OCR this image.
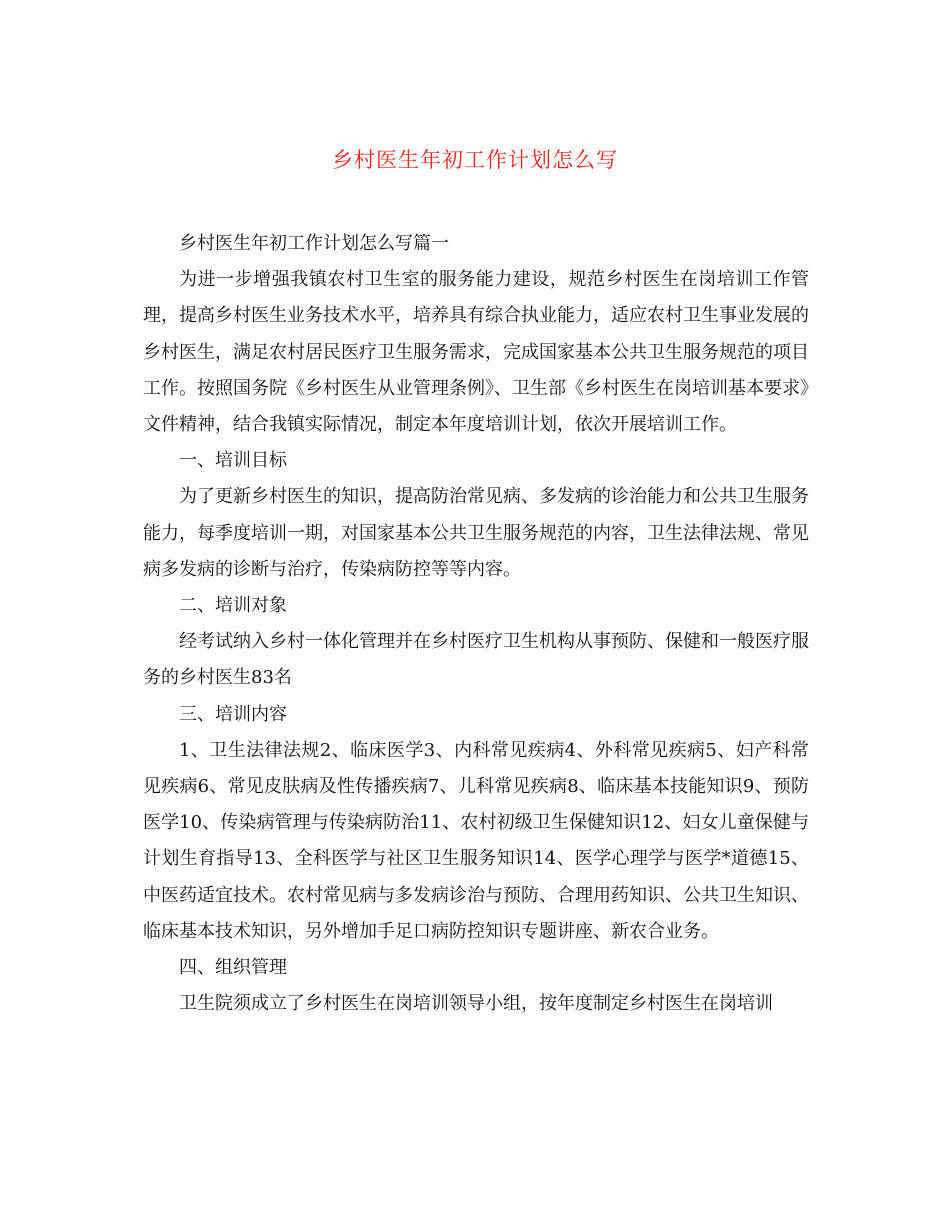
乡村医生年初工作计划怎么写

乡村医生年初工作计划怎么写篇一

为进一步增强我镇农村卫生室的服务能力建设，规范乡村医生在岗培训工作管理，提高乡村医生业务技术水平，培养具有综合执业能力，适应农村卫生事业发展的乡村医生，满足农村居民医疗卫生服务需求，完成国家基本公共卫生服务规范的项目工作。按照国务院《乡村医生从业管理条例》、卫生部《乡村医生在岗培训基本要求》文件精神，结合我镇实际情况，制定本年度培训计划，依次开展培训工作。

一、培训目标

为了更新乡村医生的知识，提高防治常见病、多发病的诊治能力和公共卫生服务能力，每季度培训一期，对国家基本公共卫生服务规范的内容，卫生法律法规、常见病多发病的诊断与治疗，传染病防控等等内容。

二、培训对象

经考试纳入乡村一体化管理并在乡村医疗卫生机构从事预防、保健和一般医疗服务的乡村医生83名

三、培训内容

1、卫生法律法规2、临床医学3、内科常见疾病4、外科常见疾病5、妇产科常见疾病6、常见皮肤病及性传播疾病7、儿科常见疾病8、临床基本技能知识9、预防医学10、传染病管理与传染病防治11、农村初级卫生保健知识12、妇女儿童保健与计划生育指导13、全科医学与社区卫生服务知识14、医学心理学与医学*道德15、中医药适宜技术。农村常见病与多发病诊治与预防、合理用药知识、公共卫生知识、临床基本技术知识，另外增加手足口病防控知识专题讲座、新农合业务。

四、组织管理

卫生院须成立了乡村医生在岗培训领导小组，按年度制定乡村医生在岗培训
